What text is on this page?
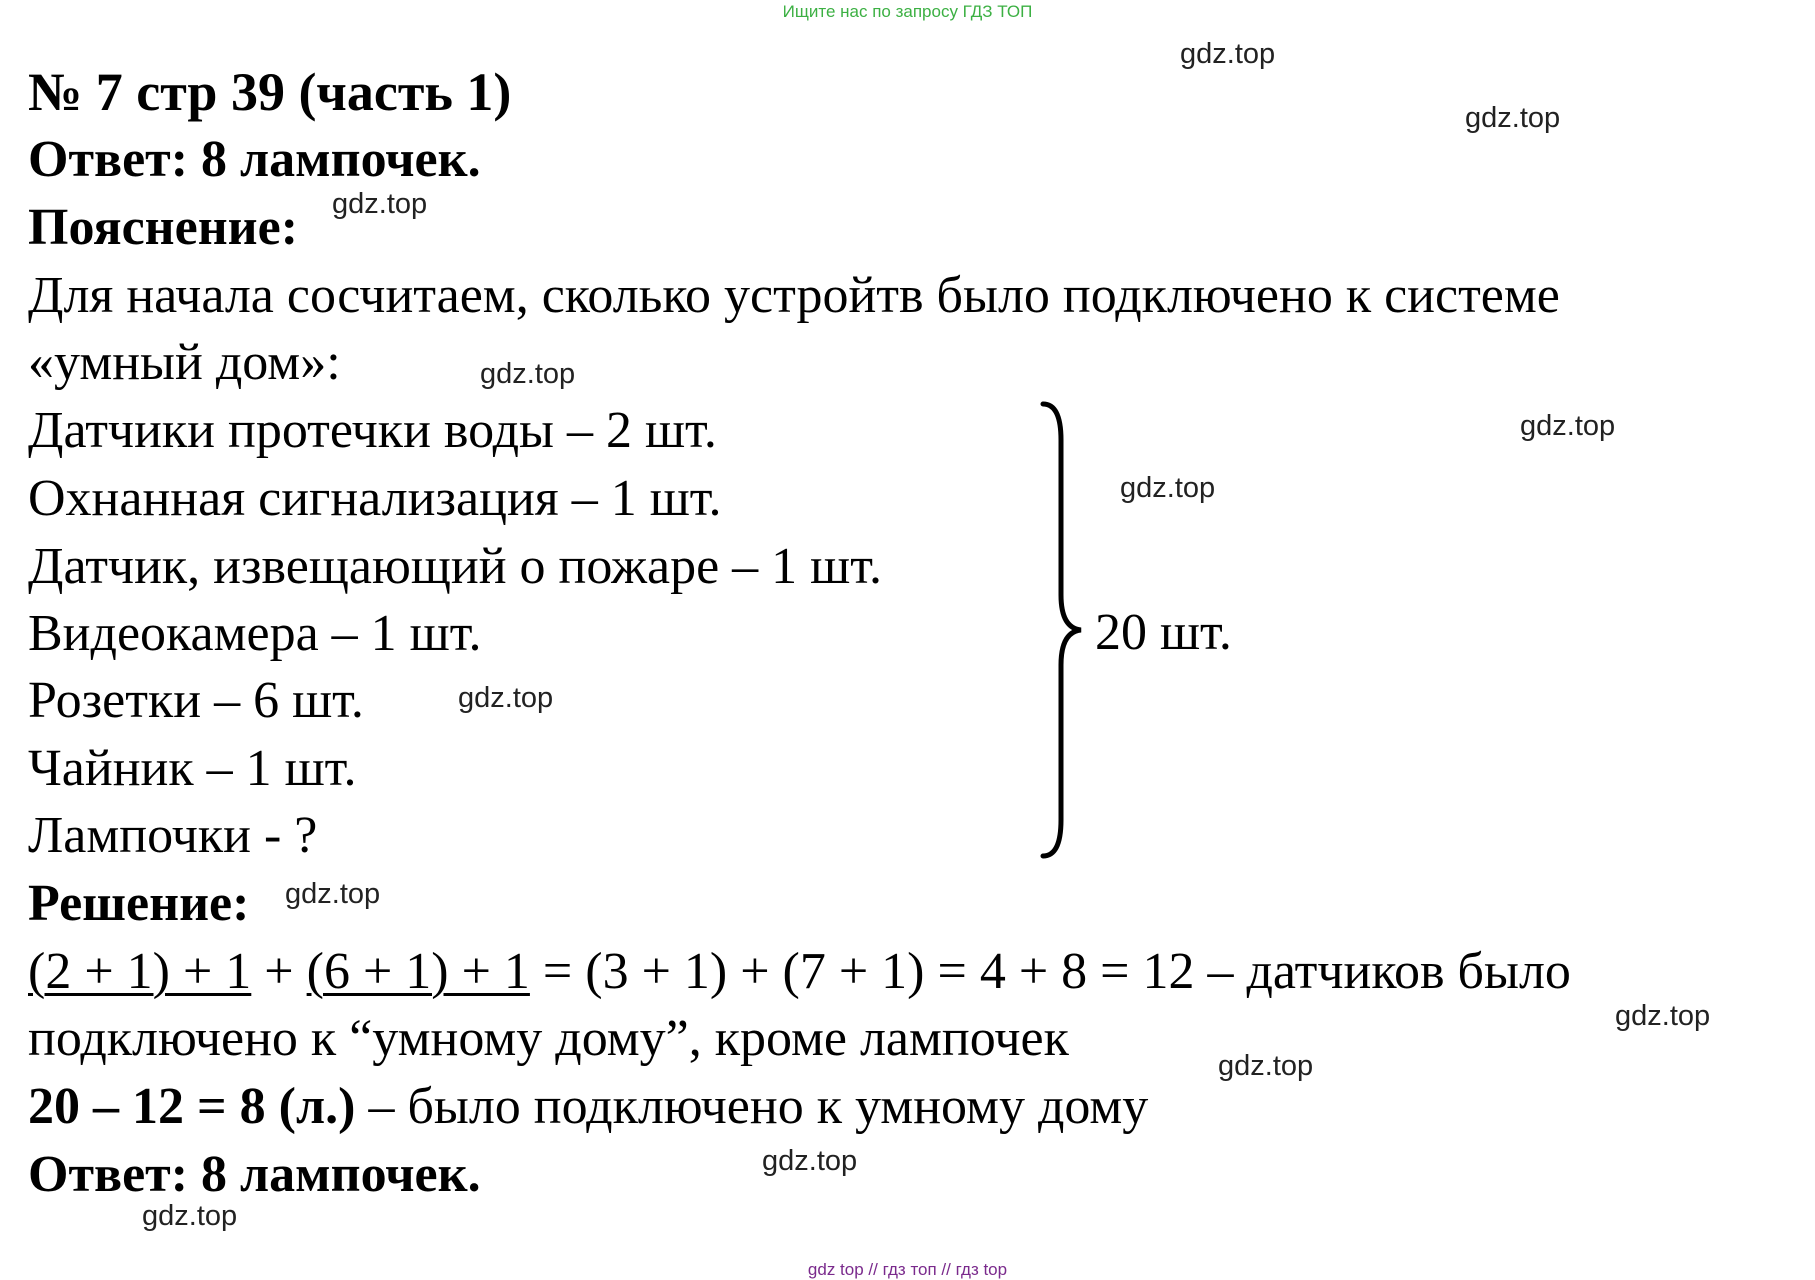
Ищите нас по запросу ГДЗ ТОП
gdz.top
gdz.top
gdz.top
gdz.top
gdz.top
gdz.top
gdz.top
gdz.top
gdz.top
gdz.top
gdz.top
gdz.top
№ 7 стр 39 (часть 1)
Ответ: 8 лампочек.
Пояснение:
Для начала сосчитаем, сколько устройтв было подключено к системе
«умный дом»:
Датчики протечки воды – 2 шт.
Охнанная сигнализация – 1 шт.
Датчик, извещающий о пожаре – 1 шт.
Видеокамера – 1 шт.
Розетки – 6 шт.
Чайник – 1 шт.
Лампочки - ?
20 шт.
Решение:
(2 + 1) + 1 + (6 + 1) + 1 = (3 + 1) + (7 + 1) = 4 + 8 = 12 – датчиков было
подключено к “умному дому”, кроме лампочек
20 – 12 = 8 (л.) – было подключено к умному дому
Ответ: 8 лампочек.
gdz top // гдз топ // гдз top
